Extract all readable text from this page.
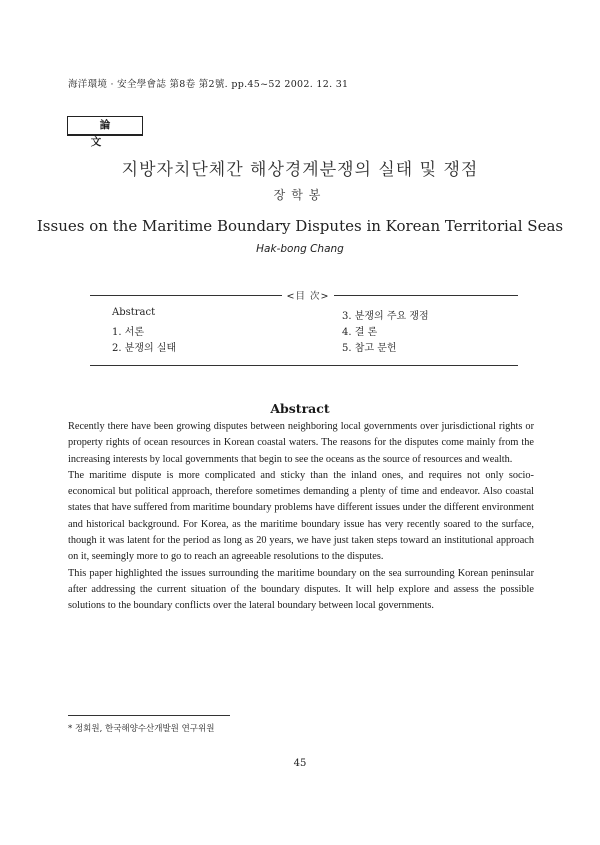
海洋環境 · 安全學會誌 第8卷 第2號. pp.45~52 2002. 12. 31
論文
지방자치단체간 해상경계분쟁의 실태 및 쟁점
장학봉
Issues on the Maritime Boundary Disputes in Korean Territorial Seas
Hak-bong Chang
<目 次>
Abstract
1. 서론
2. 분쟁의 실태
3. 분쟁의 주요 쟁점
4. 결 론
5. 참고 문헌
Abstract

Recently there have been growing disputes between neighboring local governments over jurisdictional rights or property rights of ocean resources in Korean coastal waters. The reasons for the disputes come mainly from the increasing interests by local governments that begin to see the oceans as the source of resources and wealth.

The maritime dispute is more complicated and sticky than the inland ones, and requires not only socio-economical but political approach, therefore sometimes demanding a plenty of time and endeavor. Also coastal states that have suffered from maritime boundary problems have different issues under the different environment and historical background. For Korea, as the maritime boundary issue has very recently soared to the surface, though it was latent for the period as long as 20 years, we have just taken steps toward an institutional approach on it, seemingly more to go to reach an agreeable resolutions to the disputes.

This paper highlighted the issues surrounding the maritime boundary on the sea surrounding Korean peninsular after addressing the current situation of the boundary disputes. It will help explore and assess the possible solutions to the boundary conflicts over the lateral boundary between local governments.

* 정회원, 한국해양수산개발원 연구위원
45
